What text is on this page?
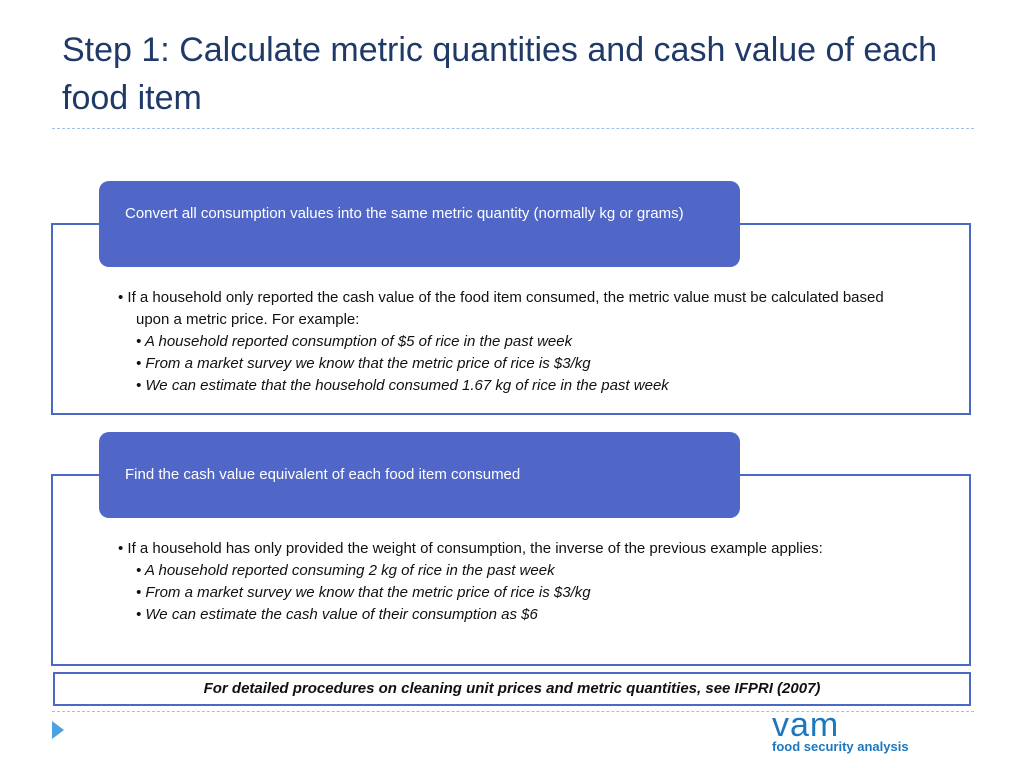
Step 1: Calculate metric quantities and cash value of each food item
Convert all consumption values into the same metric quantity (normally kg or grams)
• If a household only reported the cash value of the food item consumed, the metric value must be calculated based upon a metric price. For example:
• A household reported consumption of $5 of rice in the past week
• From a market survey we know that the metric price of rice is $3/kg
• We can estimate that the household consumed 1.67 kg of rice in the past week
Find the cash value equivalent of each food item consumed
• If a household has only provided the weight of consumption, the inverse of the previous example applies:
• A household reported consuming 2 kg of rice in the past week
• From a market survey we know that the metric price of rice is $3/kg
• We can estimate the cash value of their consumption as $6
For detailed procedures on cleaning unit prices and metric quantities, see IFPRI (2007)
vam
food security analysis
